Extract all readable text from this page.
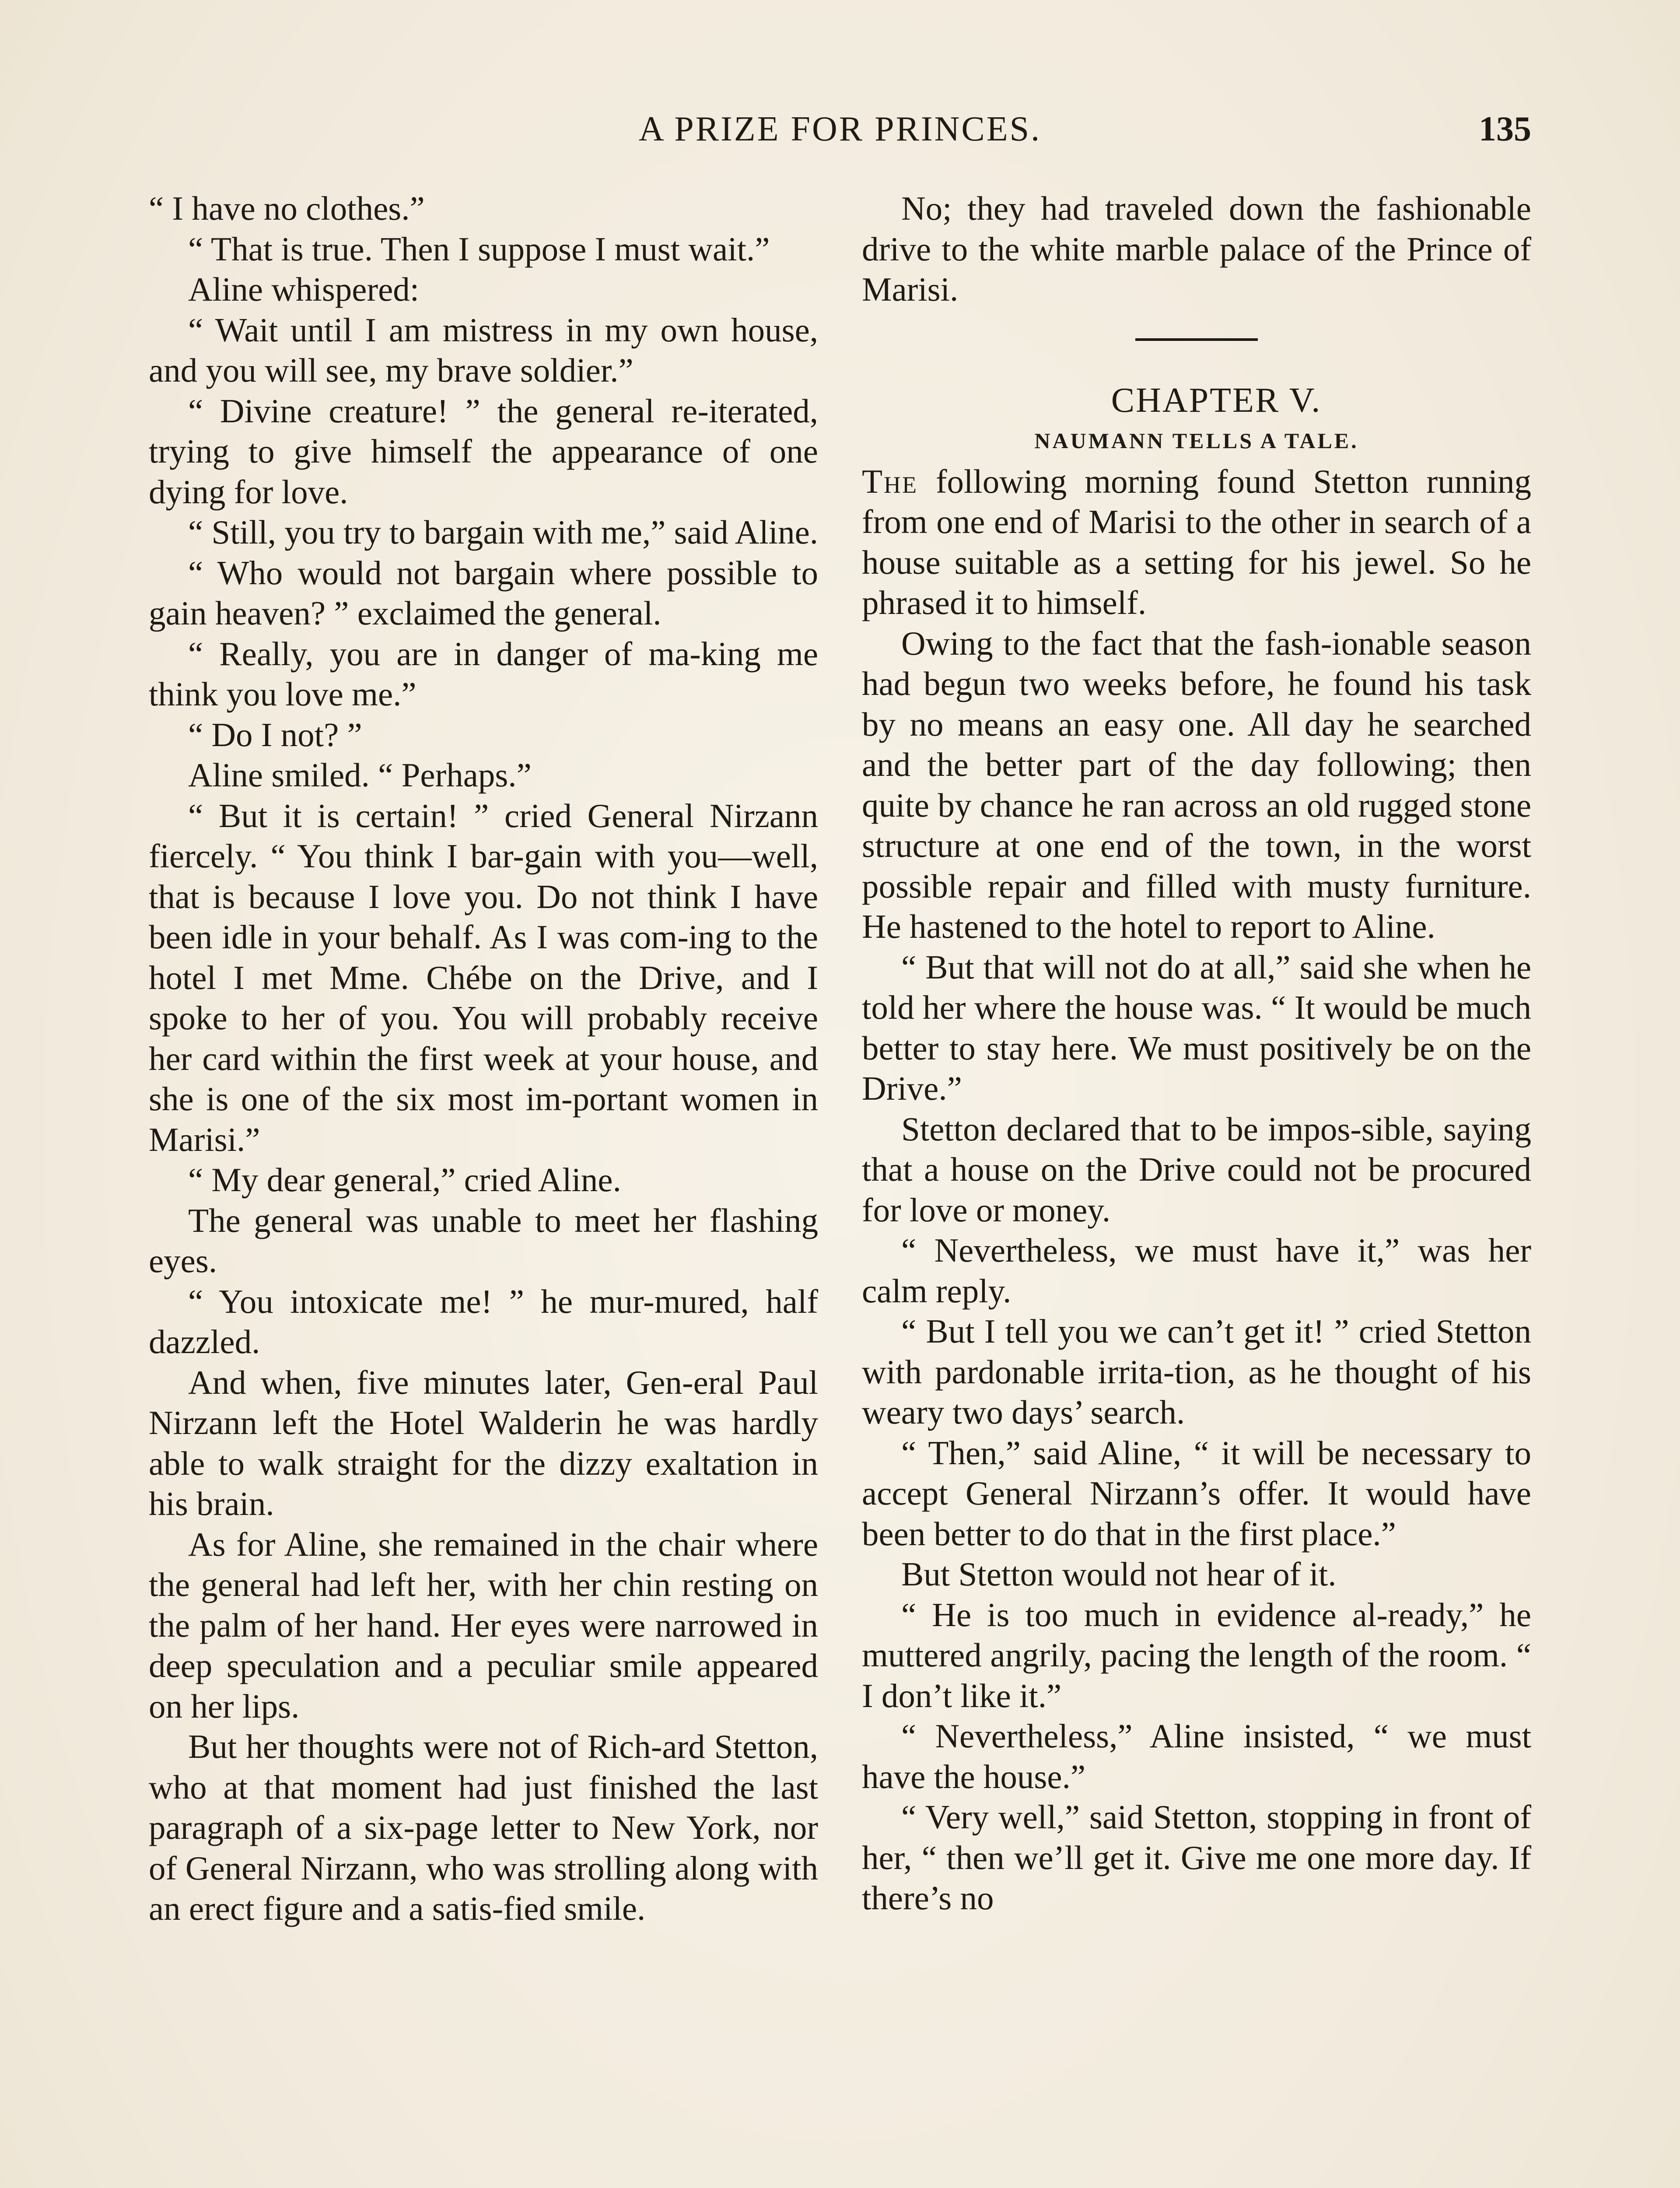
A PRIZE FOR PRINCES.	135

“ I have no clothes.”

“ That is true. Then I suppose I must wait.”

Aline whispered:

“ Wait until I am mistress in my own house, and you will see, my brave soldier.”

“ Divine creature! ” the general re-iterated, trying to give himself the appearance of one dying for love.

“ Still, you try to bargain with me,” said Aline.

“ Who would not bargain where possible to gain heaven? ” exclaimed the general.

“ Really, you are in danger of ma-king me think you love me.”

“ Do I not? ”

Aline smiled. “ Perhaps.”

“ But it is certain! ” cried General Nirzann fiercely. “ You think I bar-gain with you—well, that is because I love you. Do not think I have been idle in your behalf. As I was com-ing to the hotel I met Mme. Chébe on the Drive, and I spoke to her of you. You will probably receive her card within the first week at your house, and she is one of the six most im-portant women in Marisi.”

“ My dear general,” cried Aline.

The general was unable to meet her flashing eyes.

“ You intoxicate me! ” he mur-mured, half dazzled.

And when, five minutes later, Gen-eral Paul Nirzann left the Hotel Walderin he was hardly able to walk straight for the dizzy exaltation in his brain.

As for Aline, she remained in the chair where the general had left her, with her chin resting on the palm of her hand. Her eyes were narrowed in deep speculation and a peculiar smile appeared on her lips.

But her thoughts were not of Rich-ard Stetton, who at that moment had just finished the last paragraph of a six-page letter to New York, nor of General Nirzann, who was strolling along with an erect figure and a satis-fied smile.

No; they had traveled down the fashionable drive to the white marble palace of the Prince of Marisi.

CHAPTER V.

NAUMANN TELLS A TALE.

The following morning found Stetton running from one end of Marisi to the other in search of a house suitable as a setting for his jewel. So he phrased it to himself.

Owing to the fact that the fash-ionable season had begun two weeks before, he found his task by no means an easy one. All day he searched and the better part of the day following; then quite by chance he ran across an old rugged stone structure at one end of the town, in the worst possible repair and filled with musty furniture. He hastened to the hotel to report to Aline.

“ But that will not do at all,” said she when he told her where the house was. “ It would be much better to stay here. We must positively be on the Drive.”

Stetton declared that to be impos-sible, saying that a house on the Drive could not be procured for love or money.

“ Nevertheless, we must have it,” was her calm reply.

“ But I tell you we can’t get it! ” cried Stetton with pardonable irrita-tion, as he thought of his weary two days’ search.

“ Then,” said Aline, “ it will be necessary to accept General Nirzann’s offer. It would have been better to do that in the first place.”

But Stetton would not hear of it.

“ He is too much in evidence al-ready,” he muttered angrily, pacing the length of the room. “ I don’t like it.”

“ Nevertheless,” Aline insisted, “ we must have the house.”

“ Very well,” said Stetton, stopping in front of her, “ then we’ll get it. Give me one more day. If there’s no
